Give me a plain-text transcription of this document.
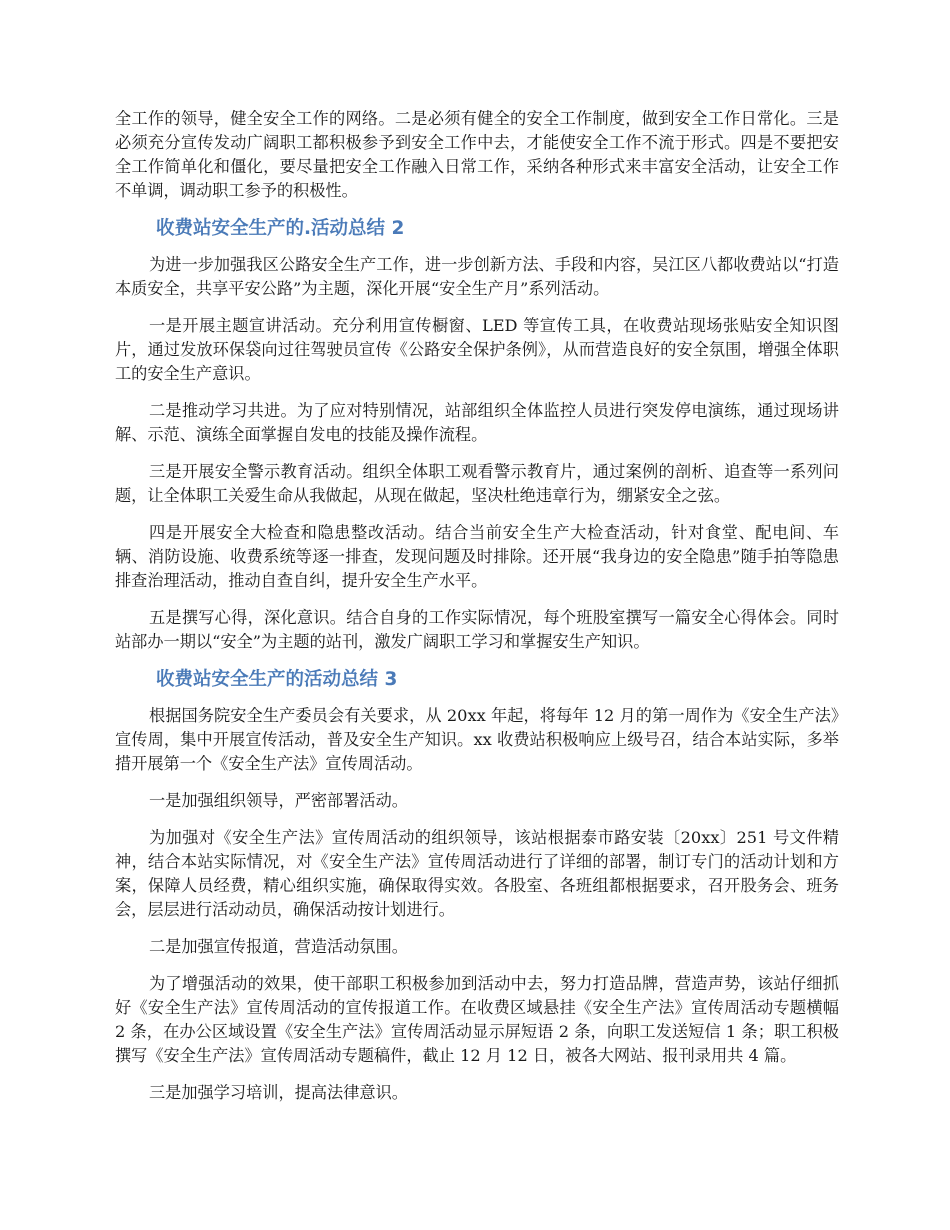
全工作的领导，健全安全工作的网络。二是必须有健全的安全工作制度，做到安全工作日常化。三是必须充分宣传发动广阔职工都积极参予到安全工作中去，才能使安全工作不流于形式。四是不要把安全工作简单化和僵化，要尽量把安全工作融入日常工作，采纳各种形式来丰富安全活动，让安全工作不单调，调动职工参予的积极性。

收费站安全生产的.活动总结 2

为进一步加强我区公路安全生产工作，进一步创新方法、手段和内容，吴江区八都收费站以“打造本质安全，共享平安公路”为主题，深化开展“安全生产月”系列活动。

一是开展主题宣讲活动。充分利用宣传橱窗、LED 等宣传工具，在收费站现场张贴安全知识图片，通过发放环保袋向过往驾驶员宣传《公路安全保护条例》，从而营造良好的安全氛围，增强全体职工的安全生产意识。

二是推动学习共进。为了应对特别情况，站部组织全体监控人员进行突发停电演练，通过现场讲解、示范、演练全面掌握自发电的技能及操作流程。

三是开展安全警示教育活动。组织全体职工观看警示教育片，通过案例的剖析、追查等一系列问题，让全体职工关爱生命从我做起，从现在做起，坚决杜绝违章行为，绷紧安全之弦。

四是开展安全大检查和隐患整改活动。结合当前安全生产大检查活动，针对食堂、配电间、车辆、消防设施、收费系统等逐一排查，发现问题及时排除。还开展“我身边的安全隐患”随手拍等隐患排查治理活动，推动自查自纠，提升安全生产水平。

五是撰写心得，深化意识。结合自身的工作实际情况，每个班股室撰写一篇安全心得体会。同时站部办一期以“安全”为主题的站刊，激发广阔职工学习和掌握安生产知识。

收费站安全生产的活动总结 3

根据国务院安全生产委员会有关要求，从 20xx 年起，将每年 12 月的第一周作为《安全生产法》宣传周，集中开展宣传活动，普及安全生产知识。xx 收费站积极响应上级号召，结合本站实际，多举措开展第一个《安全生产法》宣传周活动。

一是加强组织领导，严密部署活动。

为加强对《安全生产法》宣传周活动的组织领导，该站根据泰市路安装〔20xx〕251 号文件精神，结合本站实际情况，对《安全生产法》宣传周活动进行了详细的部署，制订专门的活动计划和方案，保障人员经费，精心组织实施，确保取得实效。各股室、各班组都根据要求，召开股务会、班务会，层层进行活动动员，确保活动按计划进行。

二是加强宣传报道，营造活动氛围。

为了增强活动的效果，使干部职工积极参加到活动中去，努力打造品牌，营造声势，该站仔细抓好《安全生产法》宣传周活动的宣传报道工作。在收费区域悬挂《安全生产法》宣传周活动专题横幅 2 条，在办公区域设置《安全生产法》宣传周活动显示屏短语 2 条，向职工发送短信 1 条；职工积极撰写《安全生产法》宣传周活动专题稿件，截止 12 月 12 日，被各大网站、报刊录用共 4 篇。

三是加强学习培训，提高法律意识。
